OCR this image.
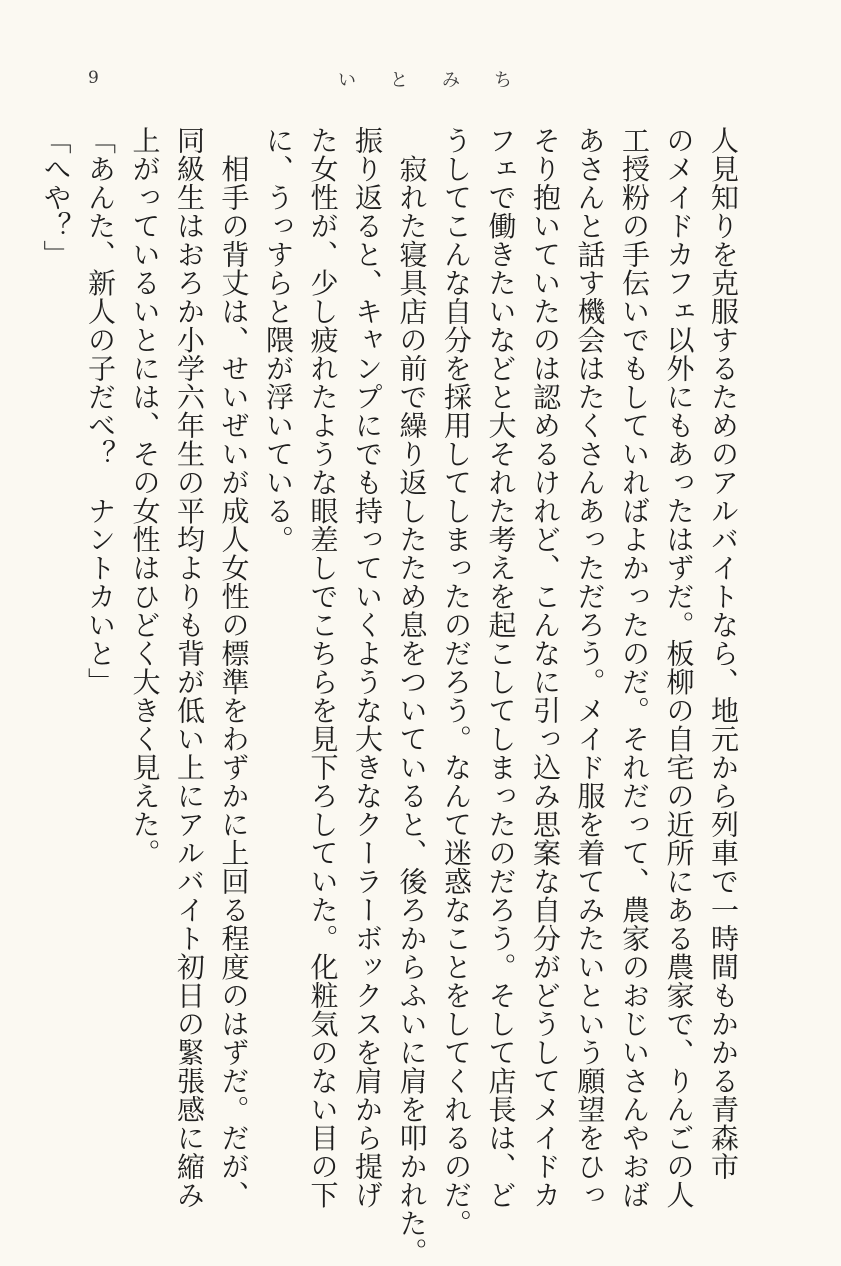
9	いとみち
人見知りを克服するためのアルバイトなら、地元から列車で一時間もかかる青森市
のメイドカフェ以外にもあったはずだ。板柳の自宅の近所にある農家で、りんごの人
工授粉の手伝いでもしていればよかったのだ。それだって、農家のおじいさんやおば
あさんと話す機会はたくさんあっただろう。メイド服を着てみたいという願望をひっ
そり抱いていたのは認めるけれど、こんなに引っ込み思案な自分がどうしてメイドカ
フェで働きたいなどと大それた考えを起こしてしまったのだろう。そして店長は、ど
うしてこんな自分を採用してしまったのだろう。なんて迷惑なことをしてくれるのだ。
　寂れた寝具店の前で繰り返したため息をついていると、後ろからふいに肩を叩かれた。
振り返ると、キャンプにでも持っていくような大きなクーラーボックスを肩から提げ
た女性が、少し疲れたような眼差しでこちらを見下ろしていた。化粧気のない目の下
に、うっすらと隈が浮いている。
　相手の背丈は、せいぜいが成人女性の標準をわずかに上回る程度のはずだ。だが、
同級生はおろか小学六年生の平均よりも背が低い上にアルバイト初日の緊張感に縮み
上がっているいとには、その女性はひどく大きく見えた。
「あんた、新人の子だべ？　ナントカいと」
「へや？」
